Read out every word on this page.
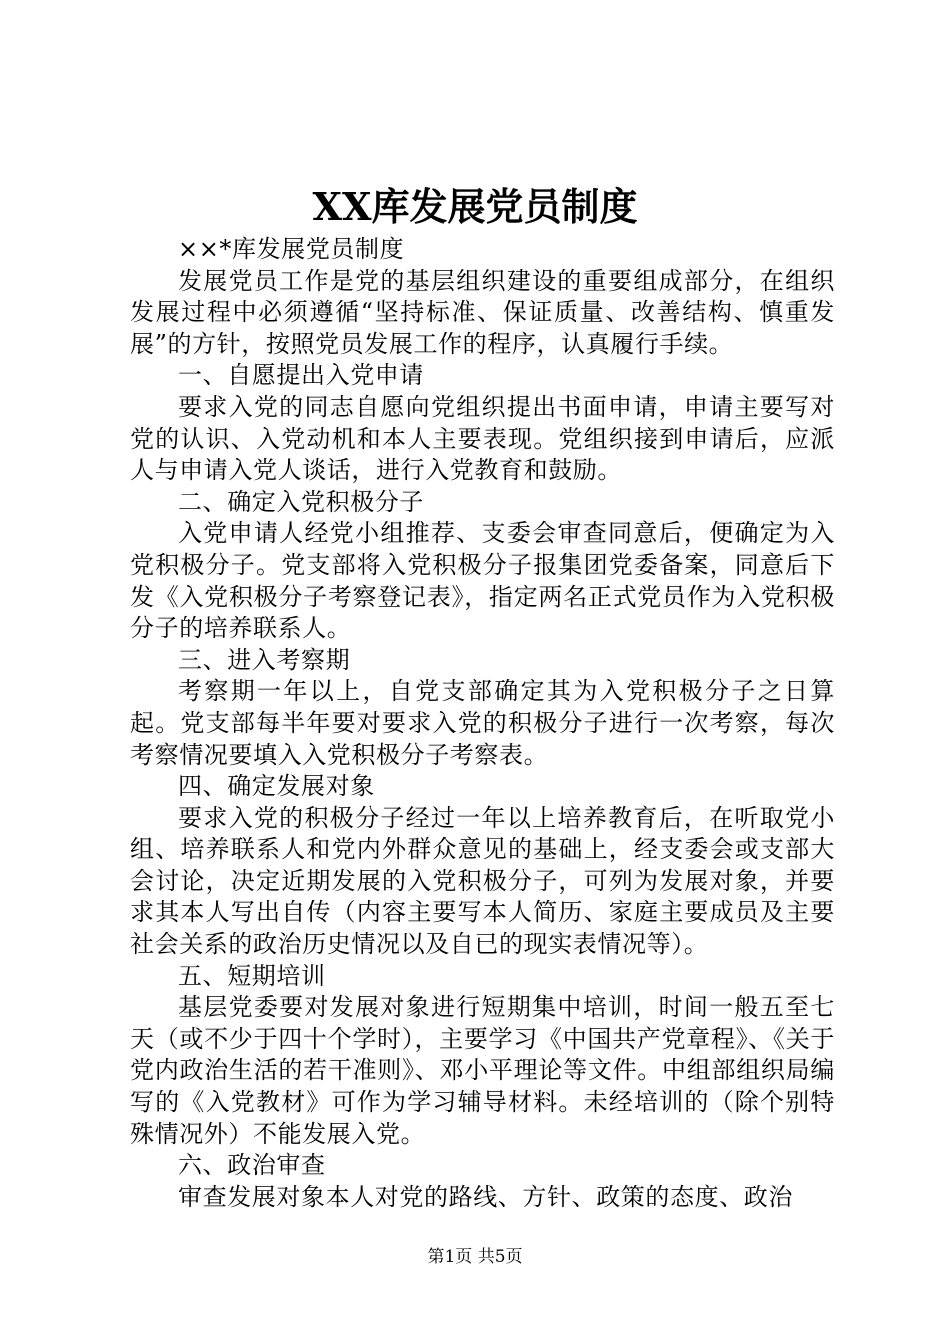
XX库发展党员制度

××*库发展党员制度

发展党员工作是党的基层组织建设的重要组成部分，在组织发展过程中必须遵循“坚持标准、保证质量、改善结构、慎重发展”的方针，按照党员发展工作的程序，认真履行手续。

一、自愿提出入党申请

要求入党的同志自愿向党组织提出书面申请，申请主要写对党的认识、入党动机和本人主要表现。党组织接到申请后，应派人与申请入党人谈话，进行入党教育和鼓励。

二、确定入党积极分子

入党申请人经党小组推荐、支委会审查同意后，便确定为入党积极分子。党支部将入党积极分子报集团党委备案，同意后下发《入党积极分子考察登记表》，指定两名正式党员作为入党积极分子的培养联系人。

三、进入考察期

考察期一年以上，自党支部确定其为入党积极分子之日算起。党支部每半年要对要求入党的积极分子进行一次考察，每次考察情况要填入入党积极分子考察表。

四、确定发展对象

要求入党的积极分子经过一年以上培养教育后，在听取党小组、培养联系人和党内外群众意见的基础上，经支委会或支部大会讨论，决定近期发展的入党积极分子，可列为发展对象，并要求其本人写出自传（内容主要写本人简历、家庭主要成员及主要社会关系的政治历史情况以及自已的现实表情况等）。

五、短期培训

基层党委要对发展对象进行短期集中培训，时间一般五至七天（或不少于四十个学时），主要学习《中国共产党章程》、《关于党内政治生活的若干准则》、邓小平理论等文件。中组部组织局编写的《入党教材》可作为学习辅导材料。未经培训的（除个别特殊情况外）不能发展入党。

六、政治审查

审查发展对象本人对党的路线、方针、政策的态度、政治

第1页 共5页
